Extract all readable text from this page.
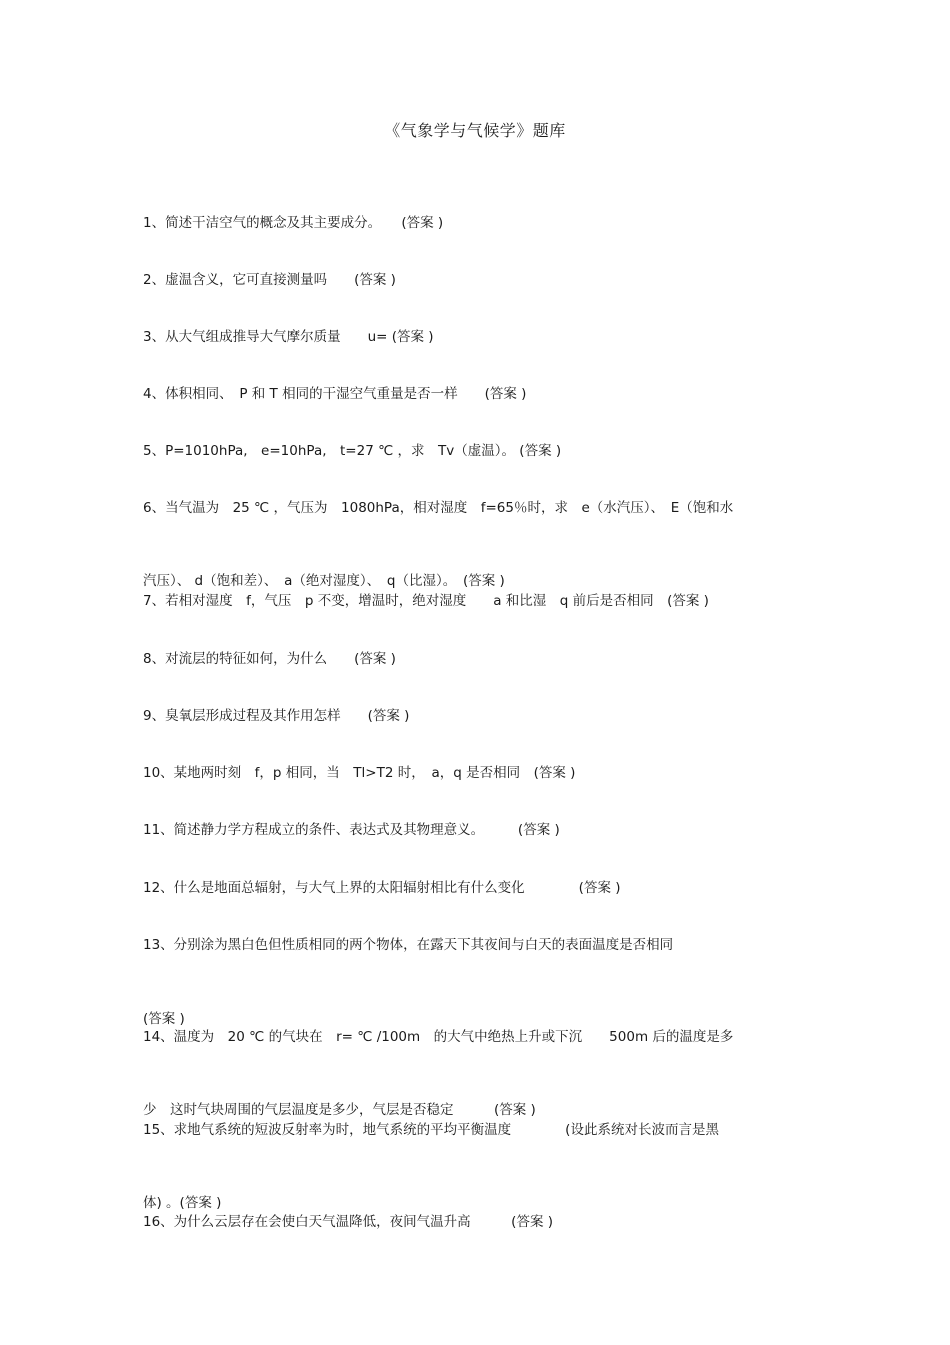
《气象学与气候学》题库

1、简述干洁空气的概念及其主要成分。　　(答案 )

2、虚温含义，它可直接测量吗　　(答案 )

3、从大气组成推导大气摩尔质量　　u= (答案 )

4、体积相同、　P 和 T 相同的干湿空气重量是否一样　　(答案 )

5、P=1010hPa,　e=10hPa,　t=27 ℃ ，求　Tv（虚温）。 (答案 )

6、当气温为　25 ℃ ，气压为　1080hPa，相对湿度　f=65％时，求　e（水汽压）、　E（饱和水

汽压）、 d（饱和差）、　a（绝对湿度）、　q（比湿）。　(答案 )

7、若相对湿度　f，气压　p 不变，增温时，绝对湿度　　a 和比湿　q 前后是否相同　(答案 )

8、对流层的特征如何，为什么　　(答案 )

9、臭氧层形成过程及其作用怎样　　(答案 )

10、某地两时刻　f，p 相同，当　Tl>T2 时，　a，q 是否相同　(答案 )

11、简述静力学方程成立的条件、表达式及其物理意义。　　　(答案 )

12、什么是地面总辐射，与大气上界的太阳辐射相比有什么变化　　　　(答案 )

13、分别涂为黑白色但性质相同的两个物体，在露天下其夜间与白天的表面温度是否相同

(答案 )

14、温度为　20 ℃ 的气块在　r= ℃ /100m　的大气中绝热上升或下沉　　500m 后的温度是多

少　这时气块周围的气层温度是多少，气层是否稳定　　　(答案 )

15、求地气系统的短波反射率为时，地气系统的平均平衡温度　　　　(设此系统对长波而言是黑

体) 。(答案 )

16、为什么云层存在会使白天气温降低，夜间气温升高　　　(答案 )
